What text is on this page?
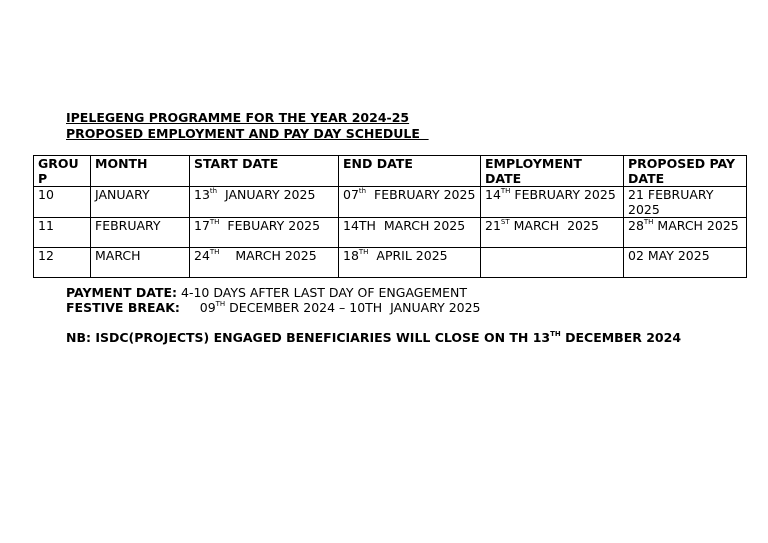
IPELEGENG PROGRAMME FOR THE YEAR 2024-25
PROPOSED EMPLOYMENT AND PAY DAY SCHEDULE
GROUP	MONTH	START DATE	END DATE	EMPLOYMENT DATE	PROPOSED PAY DATE
10	JANUARY	13th  JANUARY 2025	07th  FEBRUARY 2025	14TH FEBRUARY 2025	21 FEBRUARY 2025
11	FEBRUARY	17TH  FEBUARY 2025	14TH  MARCH 2025	21ST MARCH  2025	28TH MARCH 2025
12	MARCH	24TH    MARCH 2025	18TH  APRIL 2025		02 MAY 2025
PAYMENT DATE: 4-10 DAYS AFTER LAST DAY OF ENGAGEMENT
FESTIVE BREAK:     09TH DECEMBER 2024 – 10TH  JANUARY 2025
NB: ISDC(PROJECTS) ENGAGED BENEFICIARIES WILL CLOSE ON TH 13TH DECEMBER 2024
